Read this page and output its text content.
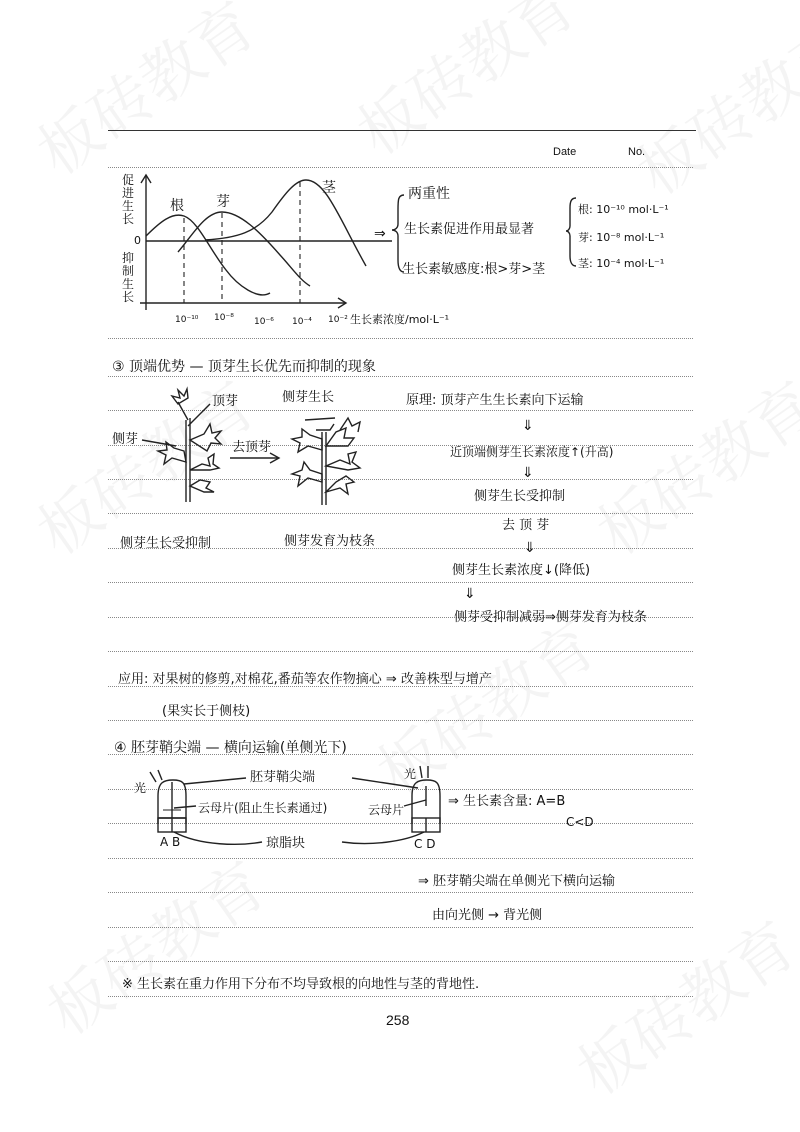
Date	No.
促
进
生
长
0
抑
制
生
长
根 芽
茎
10⁻¹⁰ 10⁻⁸ 10⁻⁶ 10⁻⁴ 10⁻² 生长素浓度/mol·L⁻¹
⇒
两重性
生长素促进作用最显著
生长素敏感度:根>芽>茎
根: 10⁻¹⁰ mol·L⁻¹
芽: 10⁻⁸ mol·L⁻¹
茎: 10⁻⁴ mol·L⁻¹
③ 顶端优势 — 顶芽生长优先而抑制的现象
顶芽
侧芽
去顶芽
侧芽生长
侧芽生长受抑制	侧芽发育为枝条
原理: 顶芽产生生长素向下运输
⇓
近顶端侧芽生长素浓度↑(升高)
⇓
侧芽生长受抑制
去 顶 芽
⇓
侧芽生长素浓度↓(降低)
⇓
侧芽受抑制减弱⇒侧芽发育为枝条
应用: 对果树的修剪,对棉花,番茄等农作物摘心 ⇒ 改善株型与增产
(果实长于侧枝)
④ 胚芽鞘尖端 — 横向运输(单侧光下)
光
光
胚芽鞘尖端
云母片(阻止生长素通过)	云母片
琼脂块
A B	C D
⇒ 生长素含量: A=B
C<D
⇒ 胚芽鞘尖端在单侧光下横向运输
由向光侧 → 背光侧
※ 生长素在重力作用下分布不均导致根的向地性与茎的背地性.
258
